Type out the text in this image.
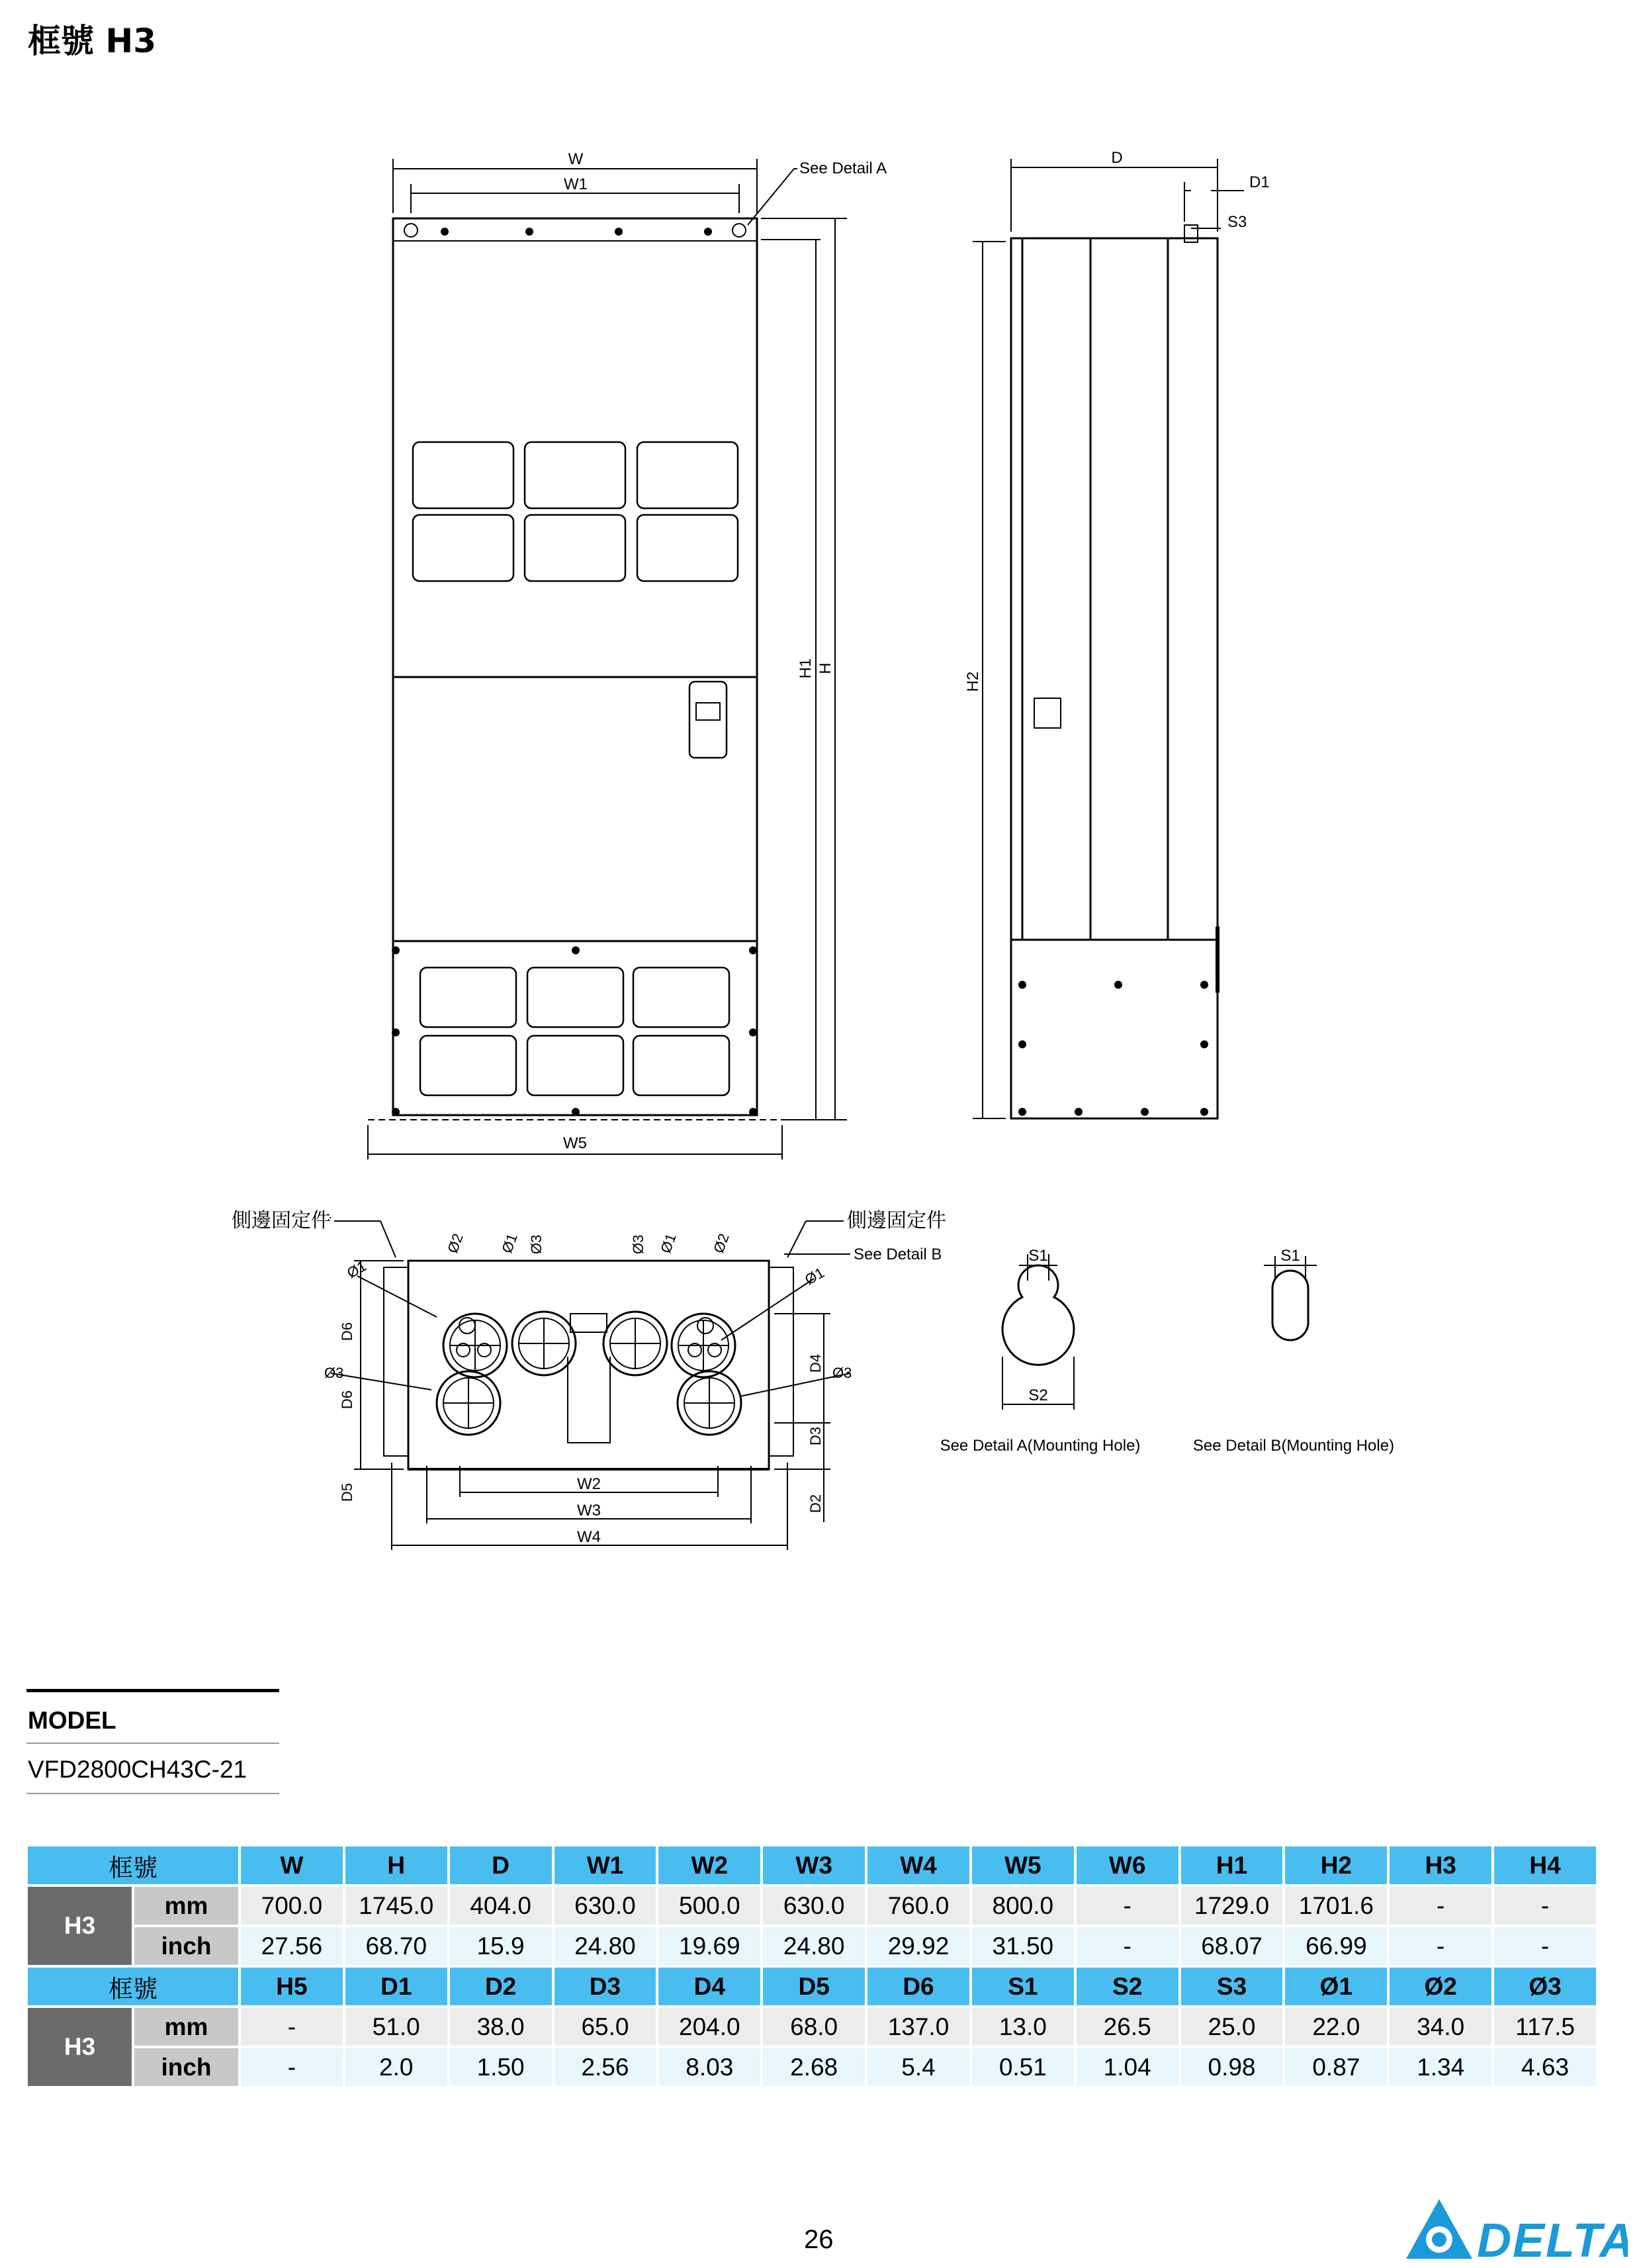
框號 H3
W
W1
See Detail A
H1 H
W5
D
D1
S3
H2
側邊固定件	側邊固定件
See Detail B
Ø2 Ø1 Ø3	Ø3 Ø1 Ø2
Ø1	Ø1
Ø3	Ø3
D6
D6
D5
D4
D3
D2
W2
W3
W4
S1
S2
See Detail A(Mounting Hole)
S1
See Detail B(Mounting Hole)
MODEL
VFD2800CH43C-21
框號		W	H	D	W1	W2	W3	W4	W5	W6	H1	H2	H3	H4
H3	mm	700.0	1745.0	404.0	630.0	500.0	630.0	760.0	800.0	-	1729.0	1701.6	-	-
	inch	27.56	68.70	15.9	24.80	19.69	24.80	29.92	31.50	-	68.07	66.99	-	-
框號		H5	D1	D2	D3	D4	D5	D6	S1	S2	S3	Ø1	Ø2	Ø3
H3	mm	-	51.0	38.0	65.0	204.0	68.0	137.0	13.0	26.5	25.0	22.0	34.0	117.5
	inch	-	2.0	1.50	2.56	8.03	2.68	5.4	0.51	1.04	0.98	0.87	1.34	4.63
26	DELTA
